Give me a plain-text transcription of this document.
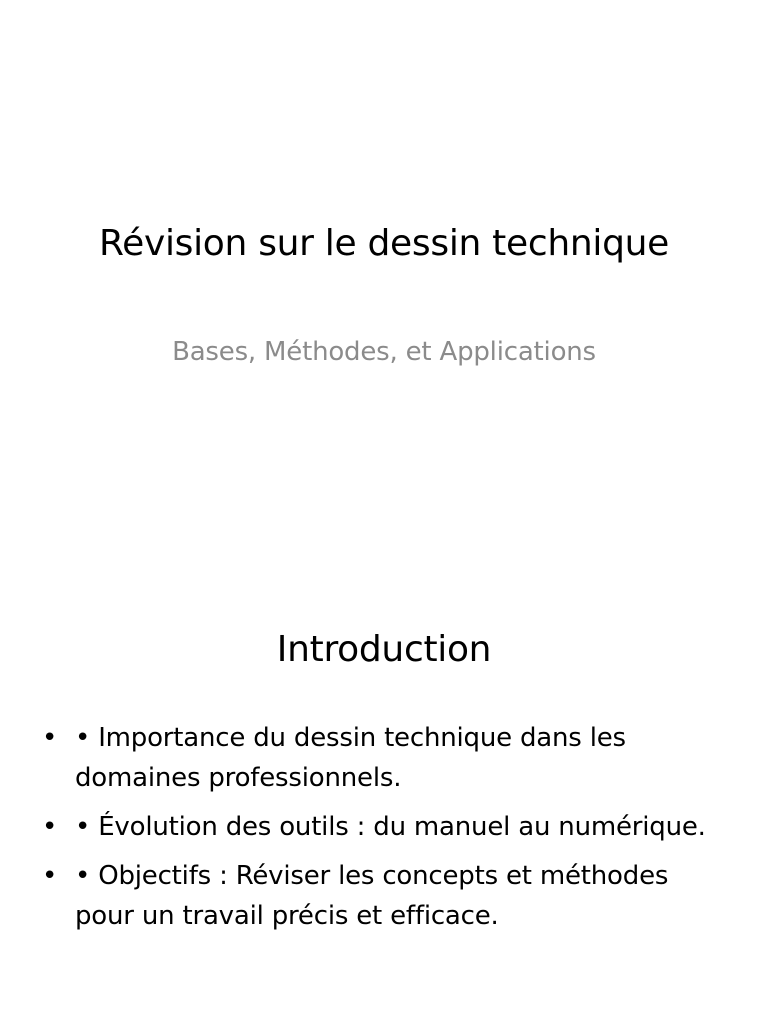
Révision sur le dessin technique
Bases, Méthodes, et Applications
Introduction
• • Importance du dessin technique dans les domaines professionnels.
• • Évolution des outils : du manuel au numérique.
• • Objectifs : Réviser les concepts et méthodes pour un travail précis et efficace.
